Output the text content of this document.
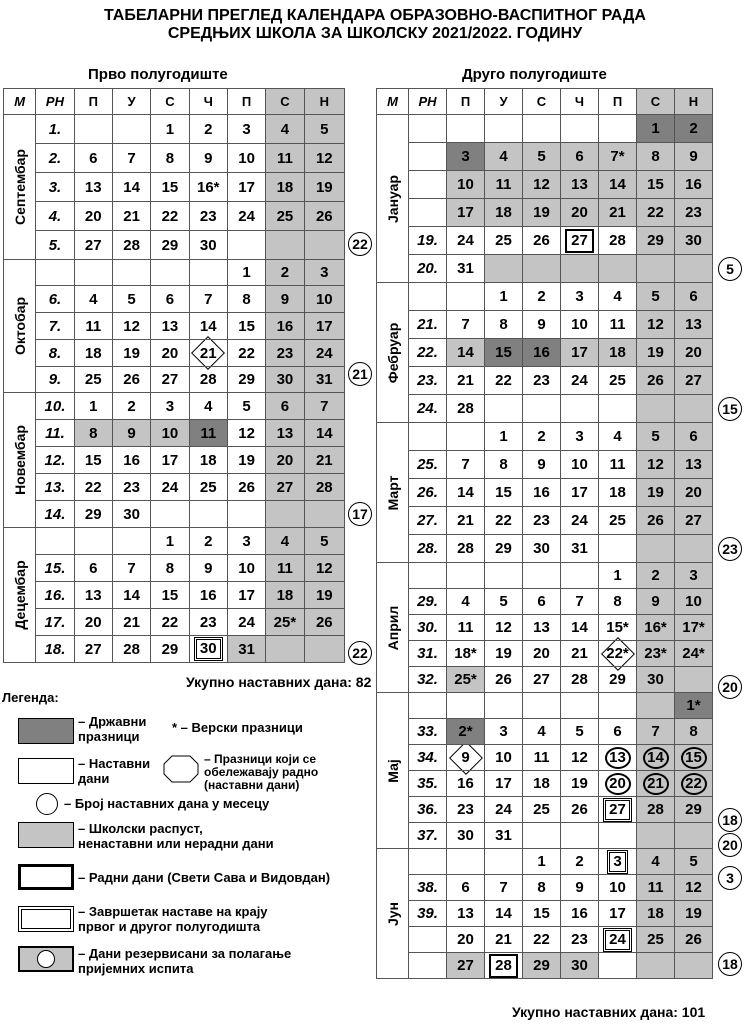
ТАБЕЛАРНИ ПРЕГЛЕД КАЛЕНДАРА ОБРАЗОВНО-ВАСПИТНОГ РАДА
СРЕДЊИХ ШКОЛА ЗА ШКОЛСКУ 2021/2022. ГОДИНУ
Прво полугодиште	Друго полугодиште
М	РН	П	У	С	Ч	П	С	Н

Септембар	1.			1	2	3	4	5
	2.	6	7	8	9	10	11	12
	3.	13	14	15	16*	17	18	19
	4.	20	21	22	23	24	25	26
	5.	27	28	29	30			

Октобар						1	2	3
	6.	4	5	6	7	8	9	10
	7.	11	12	13	14	15	16	17
	8.	18	19	20	21	22	23	24
	9.	25	26	27	28	29	30	31

Новембар	10.	1	2	3	4	5	6	7
	11.	8	9	10	11	12	13	14
	12.	15	16	17	18	19	20	21
	13.	22	23	24	25	26	27	28
	14.	29	30					

Децембар				1	2	3	4	5
	15.	6	7	8	9	10	11	12
	16.	13	14	15	16	17	18	19
	17.	20	21	22	23	24	25*	26
	18.	27	28	29	30	31		
М	РН	П	У	С	Ч	П	С	Н

Јануар							1	2
		3	4	5	6	7*	8	9
		10	11	12	13	14	15	16
		17	18	19	20	21	22	23
	19.	24	25	26	27	28	29	30
	20.	31						

Фебруар			1	2	3	4	5	6
	21.	7	8	9	10	11	12	13
	22.	14	15	16	17	18	19	20
	23.	21	22	23	24	25	26	27
	24.	28						

Март			1	2	3	4	5	6
	25.	7	8	9	10	11	12	13
	26.	14	15	16	17	18	19	20
	27.	21	22	23	24	25	26	27
	28.	28	29	30	31			

Април						1	2	3
	29.	4	5	6	7	8	9	10
	30.	11	12	13	14	15*	16*	17*
	31.	18*	19	20	21	22*	23*	24*
	32.	25*	26	27	28	29	30	

Мај								1*
	33.	2*	3	4	5	6	7	8
	34.	9	10	11	12	13	14	15
	35.	16	17	18	19	20	21	22
	36.	23	24	25	26	27	28	29
	37.	30	31					

Јун				1	2	3	4	5
	38.	6	7	8	9	10	11	12
	39.	13	14	15	16	17	18	19
		20	21	22	23	24	25	26
		27	28	29	30			
Укупно наставних дана: 82
Укупно наставних дана: 101
22
21
17
22
5
15
23
20
18
20
3
18
Легенда:
– Државни празници
* – Верски празници
– Наставни дани
– Празници који се обележавају радно (наставни дани)
– Број наставних дана у месецу
– Школски распуст, ненаставни или нерадни дани
– Радни дани (Свети Сава и Видовдан)
– Завршетак наставе на крају првог и другог полугодишта
– Дани резервисани за полагање пријемних испита
